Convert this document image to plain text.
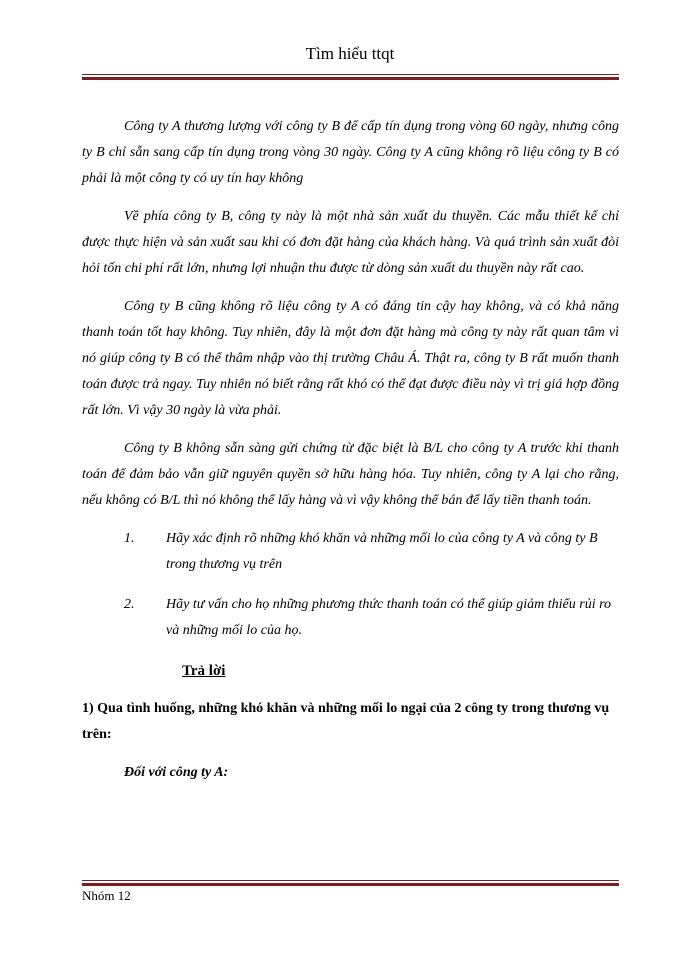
Tìm hiểu ttqt

Công ty A thương lượng với công ty B để cấp tín dụng trong vòng 60 ngày, nhưng công ty B chỉ sẵn sang cấp tín dụng trong vòng 30 ngày. Công ty A cũng không rõ liệu công ty B có phải là một công ty có uy tín hay không

Về phía công ty B, công ty này là một nhà sản xuất du thuyền. Các mẫu thiết kế chỉ được thực hiện và sản xuất sau khi có đơn đặt hàng của khách hàng. Và quá trình sản xuất đòi hỏi tốn chi phí rất lớn, nhưng lợi nhuận thu được từ dòng sản xuất du thuyền này rất cao.

Công ty B cũng không rõ liệu công ty A có đáng tin cậy hay không, và có khả năng thanh toán tốt hay không. Tuy nhiên, đây là một đơn đặt hàng mà công ty này rất quan tâm vì nó giúp công ty B có thể thâm nhập vào thị trường Châu Á. Thật ra, công ty B rất muốn thanh toán được trả ngay. Tuy nhiên nó biết rằng rất khó có thể đạt được điều này vì trị giá hợp đồng rất lớn. Vì vậy 30 ngày là vừa phải.

Công ty B không sẵn sàng gửi chứng từ đặc biệt là B/L cho công ty A trước khi thanh toán để đảm bảo vẫn giữ nguyên quyền sở hữu hàng hóa. Tuy nhiên, công ty A lại cho rằng, nếu không có B/L thì nó không thể lấy hàng và vì vậy không thể bán để lấy tiền thanh toán.

1. Hãy xác định rõ những khó khăn và những mối lo của công ty A và công ty B trong thương vụ trên
2. Hãy tư vấn cho họ những phương thức thanh toán có thể giúp giảm thiểu rủi ro và những mối lo của họ.
Trả lời

1) Qua tình huống, những khó khăn và những mối lo ngại của 2 công ty trong thương vụ trên:

Đối với công ty A:
Nhóm 12
